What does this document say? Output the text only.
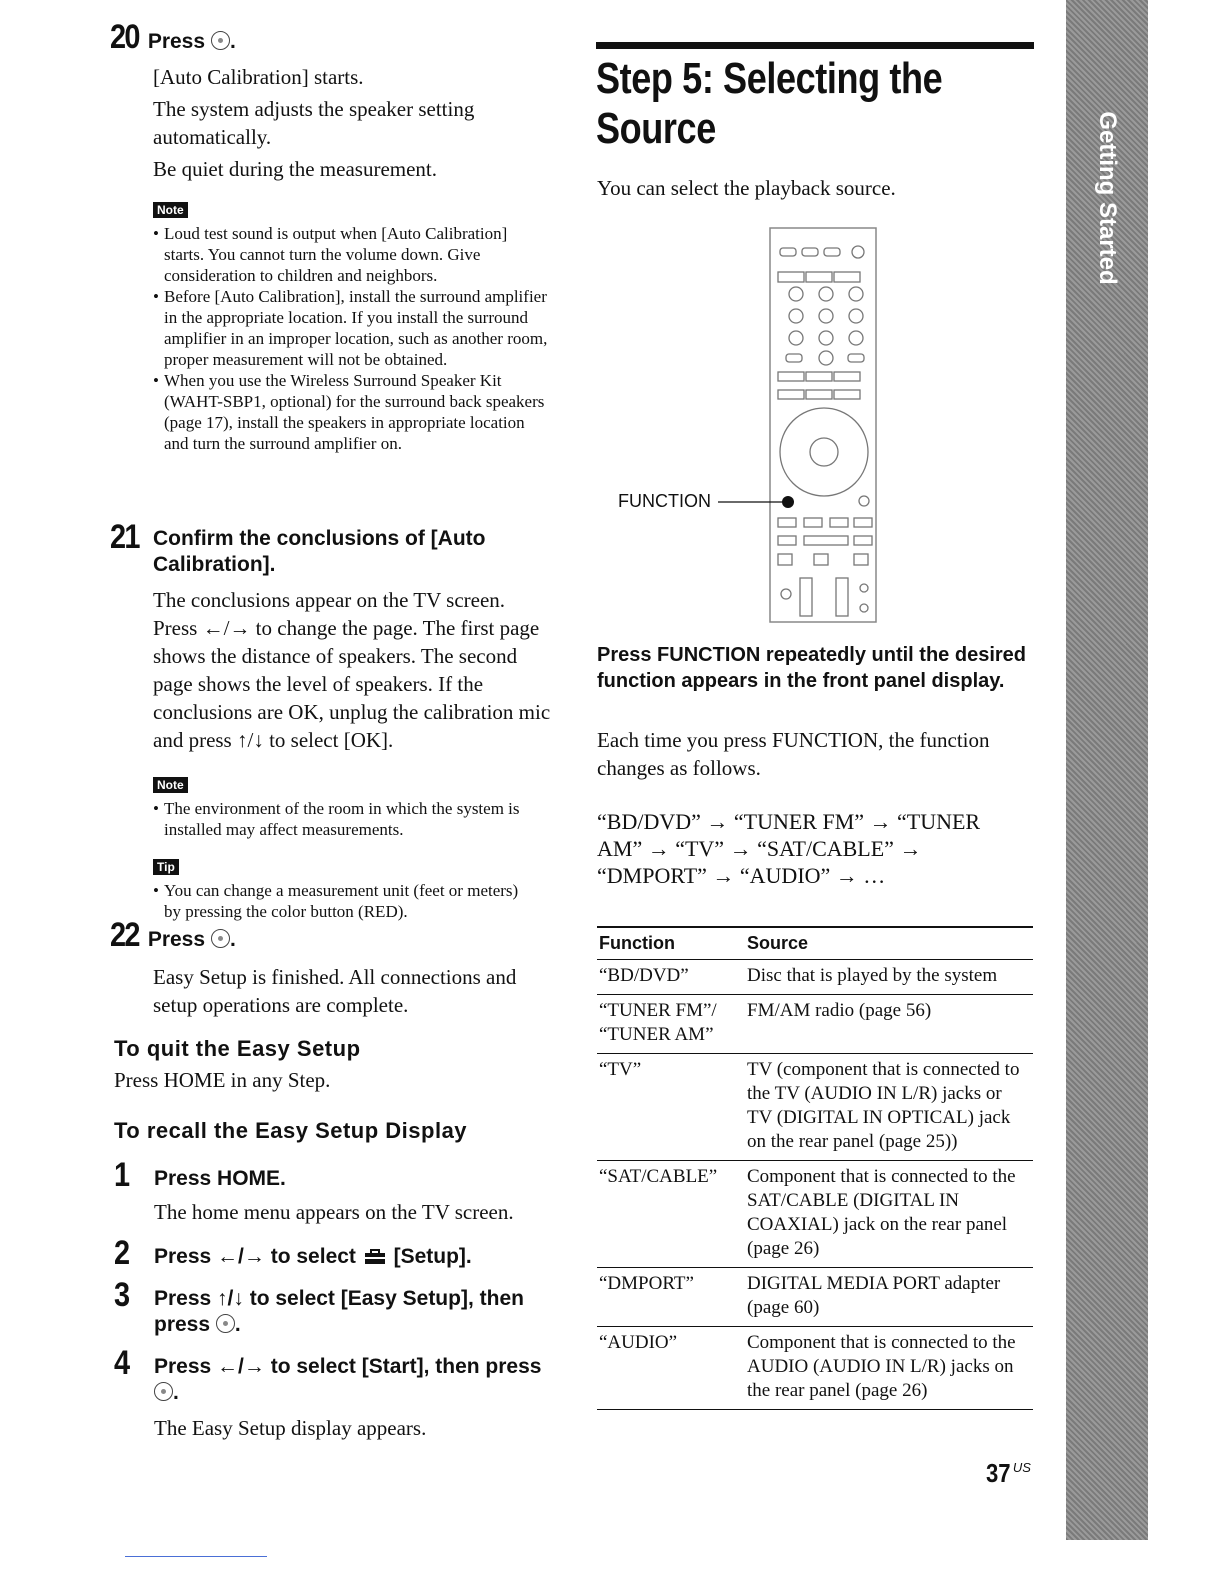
20 Press	.
[Auto Calibration] starts.
The system adjusts the speaker setting automatically.
Be quiet during the measurement.
Note
• Loud test sound is output when [Auto Calibration] starts. You cannot turn the volume down. Give consideration to children and neighbors.
• Before [Auto Calibration], install the surround amplifier in the appropriate location. If you install the surround amplifier in an improper location, such as another room, proper measurement will not be obtained.
• When you use the Wireless Surround Speaker Kit (WAHT-SBP1, optional) for the surround back speakers (page 17), install the speakers in appropriate location and turn the surround amplifier on.
21 Confirm the conclusions of [Auto Calibration].
The conclusions appear on the TV screen. Press ←/→ to change the page. The first page shows the distance of speakers. The second page shows the level of speakers. If the conclusions are OK, unplug the calibration mic and press ↑/↓ to select [OK].
Note
• The environment of the room in which the system is installed may affect measurements.
Tip
• You can change a measurement unit (feet or meters) by pressing the color button (RED).
22 Press	.
Easy Setup is finished. All connections and setup operations are complete.
To quit the Easy Setup
Press HOME in any Step.
To recall the Easy Setup Display
1	Press HOME.
The home menu appears on the TV screen.
2	Press ←/→ to select [Setup].
3	Press ↑/↓ to select [Easy Setup], then press .
4	Press ←/→ to select [Start], then press .
The Easy Setup display appears.
Step 5: Selecting the
Source
You can select the playback source.
FUNCTION
Press FUNCTION repeatedly until the desired function appears in the front panel display.
Each time you press FUNCTION, the function changes as follows.
“BD/DVD” → “TUNER FM” → “TUNER AM” → “TV” → “SAT/CABLE” → “DMPORT” → “AUDIO” → …
Function	Source
“BD/DVD”	Disc that is played by the system
“TUNER FM”/ “TUNER AM”	FM/AM radio (page 56)
“TV”	TV (component that is connected to the TV (AUDIO IN L/R) jacks or TV (DIGITAL IN OPTICAL) jack on the rear panel (page 25))
“SAT/CABLE”	Component that is connected to the SAT/CABLE (DIGITAL IN COAXIAL) jack on the rear panel (page 26)
“DMPORT”	DIGITAL MEDIA PORT adapter (page 60)
“AUDIO”	Component that is connected to the AUDIO (AUDIO IN L/R) jacks on the rear panel (page 26)
37 US
Getting Started
